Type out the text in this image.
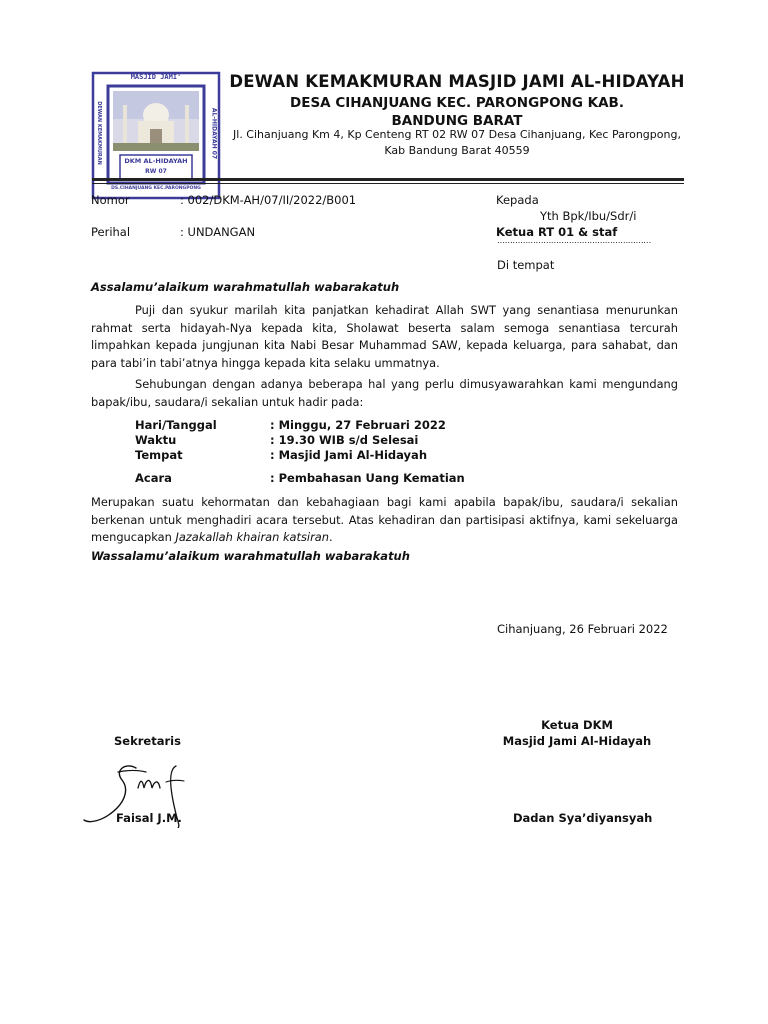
MASJID JAMI'
DEWAN KEMAKMURAN	AL-HIDAYAH 07
DKM AL-HIDAYAH
RW 07
DS.CIHANJUANG KEC.PARONGPONG
DEWAN KEMAKMURAN MASJID JAMI AL-HIDAYAH
DESA CIHANJUANG KEC. PARONGPONG KAB. BANDUNG BARAT
Jl. Cihanjuang Km 4, Kp Centeng RT 02 RW 07 Desa Cihanjuang, Kec Parongpong,
Kab Bandung Barat 40559
Nomor	: 002/DKM-AH/07/II/2022/B001
Perihal	: UNDANGAN
Kepada
Yth Bpk/Ibu/Sdr/i
Ketua RT 01 & staf
……………………………………………………
Di tempat
Assalamu’alaikum warahmatullah wabarakatuh
Puji dan syukur marilah kita panjatkan kehadirat Allah SWT yang senantiasa menurunkan rahmat serta hidayah-Nya kepada kita, Sholawat beserta salam semoga senantiasa tercurah limpahkan kepada jungjunan kita Nabi Besar Muhammad SAW, kepada keluarga, para sahabat, dan para tabi’in tabi’atnya hingga kepada kita selaku ummatnya.
Sehubungan dengan adanya beberapa hal yang perlu dimusyawarahkan kami mengundang bapak/ibu, saudara/i sekalian untuk hadir pada:
Hari/Tanggal	: Minggu, 27 Februari 2022
Waktu	: 19.30 WIB s/d Selesai
Tempat	: Masjid Jami Al-Hidayah
Acara	: Pembahasan Uang Kematian
Merupakan suatu kehormatan dan kebahagiaan bagi kami apabila bapak/ibu, saudara/i sekalian berkenan untuk menghadiri acara tersebut. Atas kehadiran dan partisipasi aktifnya, kami sekeluarga mengucapkan Jazakallah khairan katsiran.
Wassalamu’alaikum warahmatullah wabarakatuh
Cihanjuang, 26 Februari 2022
Ketua DKM
Masjid Jami Al-Hidayah
Sekretaris
Faisal J.M.	Dadan Sya’diyansyah
